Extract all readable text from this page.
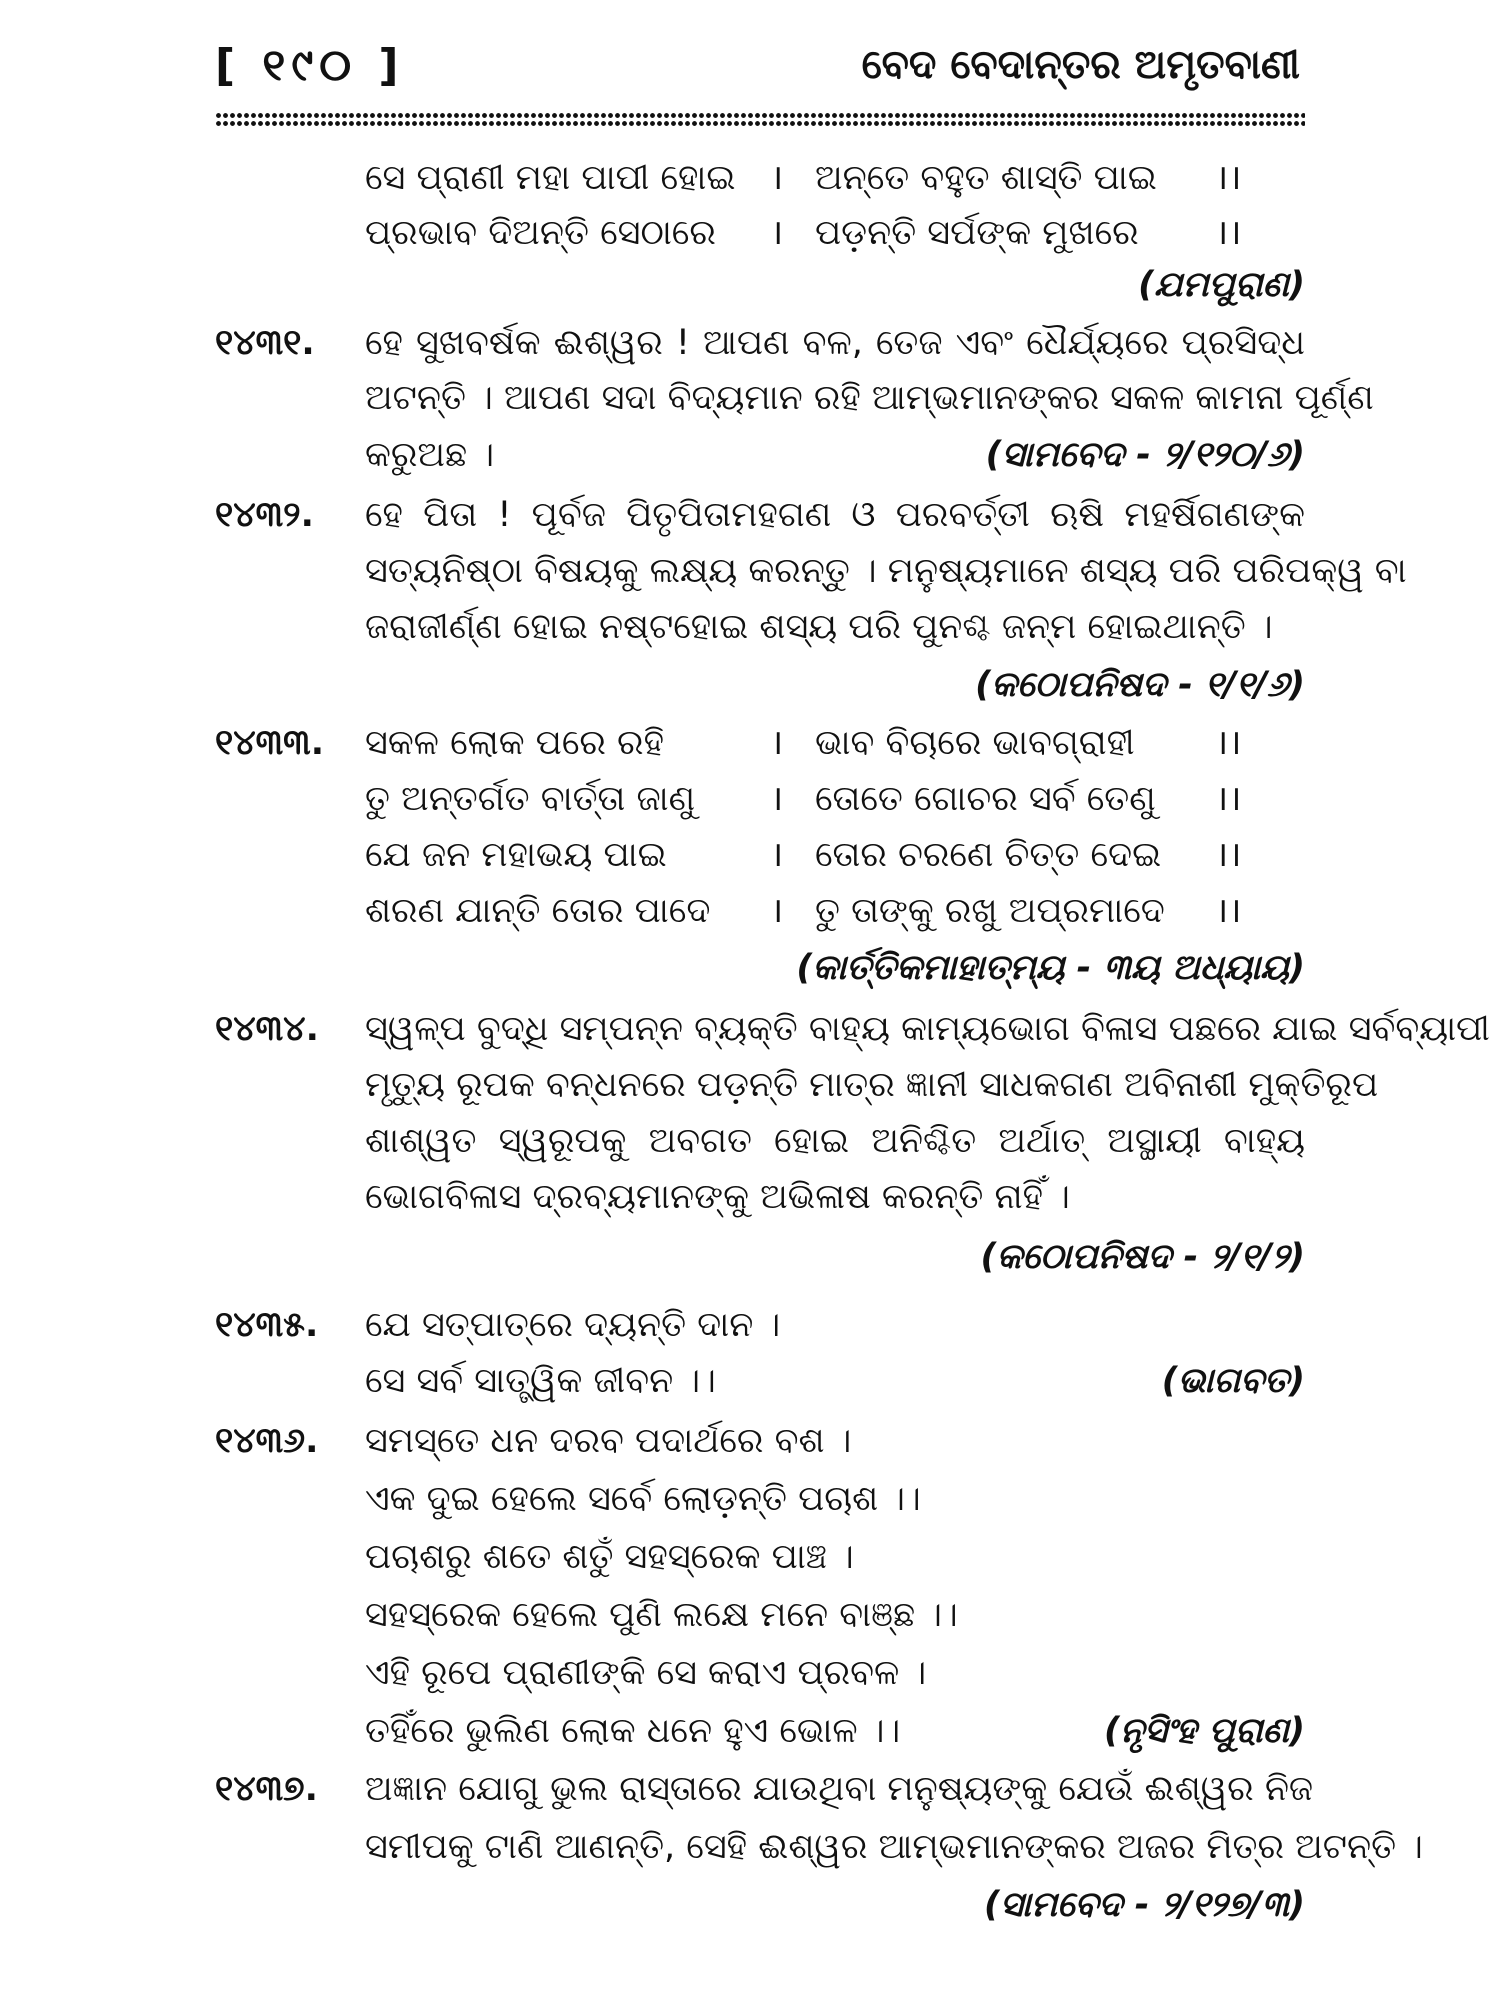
[ ୧୯୦ ]	ବେଦ ବେଦାନ୍ତର ଅମୃତବାଣୀ
ସେ ପ୍ରାଣୀ ମହା ପାପୀ ହୋଇ । ଅନ୍ତେ ବହୁତ ଶାସ୍ତି ପାଇ ।।
ପ୍ରଭାବ ଦିଅନ୍ତି ସେଠାରେ । ପଡ଼ନ୍ତି ସର୍ପଙ୍କ ମୁଖରେ ।।
(ଯମପୁରାଣ)
୧୪୩୧. ହେ ସୁଖବର୍ଷକ ଈଶ୍ୱର ! ଆପଣ ବଳ, ତେଜ ଏବଂ ଧୈର୍ଯ୍ୟରେ ପ୍ରସିଦ୍ଧ
ଅଟନ୍ତି । ଆପଣ ସଦା ବିଦ୍ୟମାନ ରହି ଆମ୍ଭମାନଙ୍କର ସକଳ କାମନା ପୂର୍ଣ୍ଣ
କରୁଅଛ ।	(ସାମବେଦ - ୨/୧୨୦/୬)
୧୪୩୨. ହେ ପିତା ! ପୂର୍ବଜ ପିତୃପିତାମହଗଣ ଓ ପରବର୍ତ୍ତୀ ଋଷି ମହର୍ଷିଗଣଙ୍କ
ସତ୍ୟନିଷ୍ଠା ବିଷୟକୁ ଲକ୍ଷ୍ୟ କରନ୍ତୁ । ମନୁଷ୍ୟମାନେ ଶସ୍ୟ ପରି ପରିପକ୍ୱ ବା
ଜରାଜୀର୍ଣ୍ଣ ହୋଇ ନଷ୍ଟହୋଇ ଶସ୍ୟ ପରି ପୁନଶ୍ଚ ଜନ୍ମ ହୋଇଥାନ୍ତି ।
(କଠୋପନିଷଦ - ୧/୧/୬)
୧୪୩୩. ସକଳ ଲୋକ ପରେ ରହି	। ଭାବ ବିଚାରେ ଭାବଗ୍ରାହୀ ।।
ତୁ ଅନ୍ତର୍ଗତ ବାର୍ତ୍ତା ଜାଣୁ । ତୋତେ ଗୋଚର ସର୍ବ ତେଣୁ ।।
ଯେ ଜନ ମହାଭୟ ପାଇ	। ତୋର ଚରଣେ ଚିତ୍ତ ଦେଇ ।।
ଶରଣ ଯାନ୍ତି ତୋର ପାଦେ । ତୁ ତାଙ୍କୁ ରଖୁ ଅପ୍ରମାଦେ ।।
(କାର୍ତ୍ତିକମାହାତ୍ମ୍ୟ - ୩ୟ ଅଧ୍ୟାୟ)
୧୪୩୪. ସ୍ୱଳ୍ପ ବୁଦ୍ଧି ସମ୍ପନ୍ନ ବ୍ୟକ୍ତି ବାହ୍ୟ କାମ୍ୟଭୋଗ ବିଳାସ ପଛରେ ଯାଇ ସର୍ବବ୍ୟାପୀ
ମୃତ୍ୟୁ ରୂପକ ବନ୍ଧନରେ ପଡ଼ନ୍ତି ମାତ୍ର ଜ୍ଞାନୀ ସାଧକଗଣ ଅବିନାଶୀ ମୁକ୍ତିରୂପ
ଶାଶ୍ୱତ ସ୍ୱରୂପକୁ ଅବଗତ ହୋଇ ଅନିଶ୍ଚିତ ଅର୍ଥାତ୍ ଅସ୍ଥାୟୀ ବାହ୍ୟ
ଭୋଗବିଳାସ ଦ୍ରବ୍ୟମାନଙ୍କୁ ଅଭିଳାଷ କରନ୍ତି ନାହିଁ ।
(କଠୋପନିଷଦ - ୨/୧/୨)
୧୪୩୫. ଯେ ସତ୍ପାତ୍ରେ ଦ୍ୟନ୍ତି ଦାନ ।
ସେ ସର୍ବ ସାତ୍ତ୍ୱିକ ଜୀବନ ।।	(ଭାଗବତ)
୧୪୩୬. ସମସ୍ତେ ଧନ ଦରବ ପଦାର୍ଥରେ ବଶ ।
ଏକ ଦୁଇ ହେଲେ ସର୍ବେ ଲୋଡ଼ନ୍ତି ପଚାଶ ।।
ପଚାଶରୁ ଶତେ ଶତୁଁ ସହସ୍ରେକ ପାଞ୍ଚ ।
ସହସ୍ରେକ ହେଲେ ପୁଣି ଲକ୍ଷେ ମନେ ବାଞ୍ଛ ।।
ଏହି ରୂପେ ପ୍ରାଣୀଙ୍କି ସେ କରାଏ ପ୍ରବଳ ।
ତହିଁରେ ଭୁଲିଣ ଲୋକ ଧନେ ହୁଏ ଭୋଳ ।।	(ନୃସିଂହ ପୁରାଣ)
୧୪୩୭. ଅଜ୍ଞାନ ଯୋଗୁ ଭୁଲ ରାସ୍ତାରେ ଯାଉଥିବା ମନୁଷ୍ୟଙ୍କୁ ଯେଉଁ ଈଶ୍ୱର ନିଜ
ସମୀପକୁ ଟାଣି ଆଣନ୍ତି, ସେହି ଈଶ୍ୱର ଆମ୍ଭମାନଙ୍କର ଅଜର ମିତ୍ର ଅଟନ୍ତି ।
(ସାମବେଦ - ୨/୧୨୭/୩)
